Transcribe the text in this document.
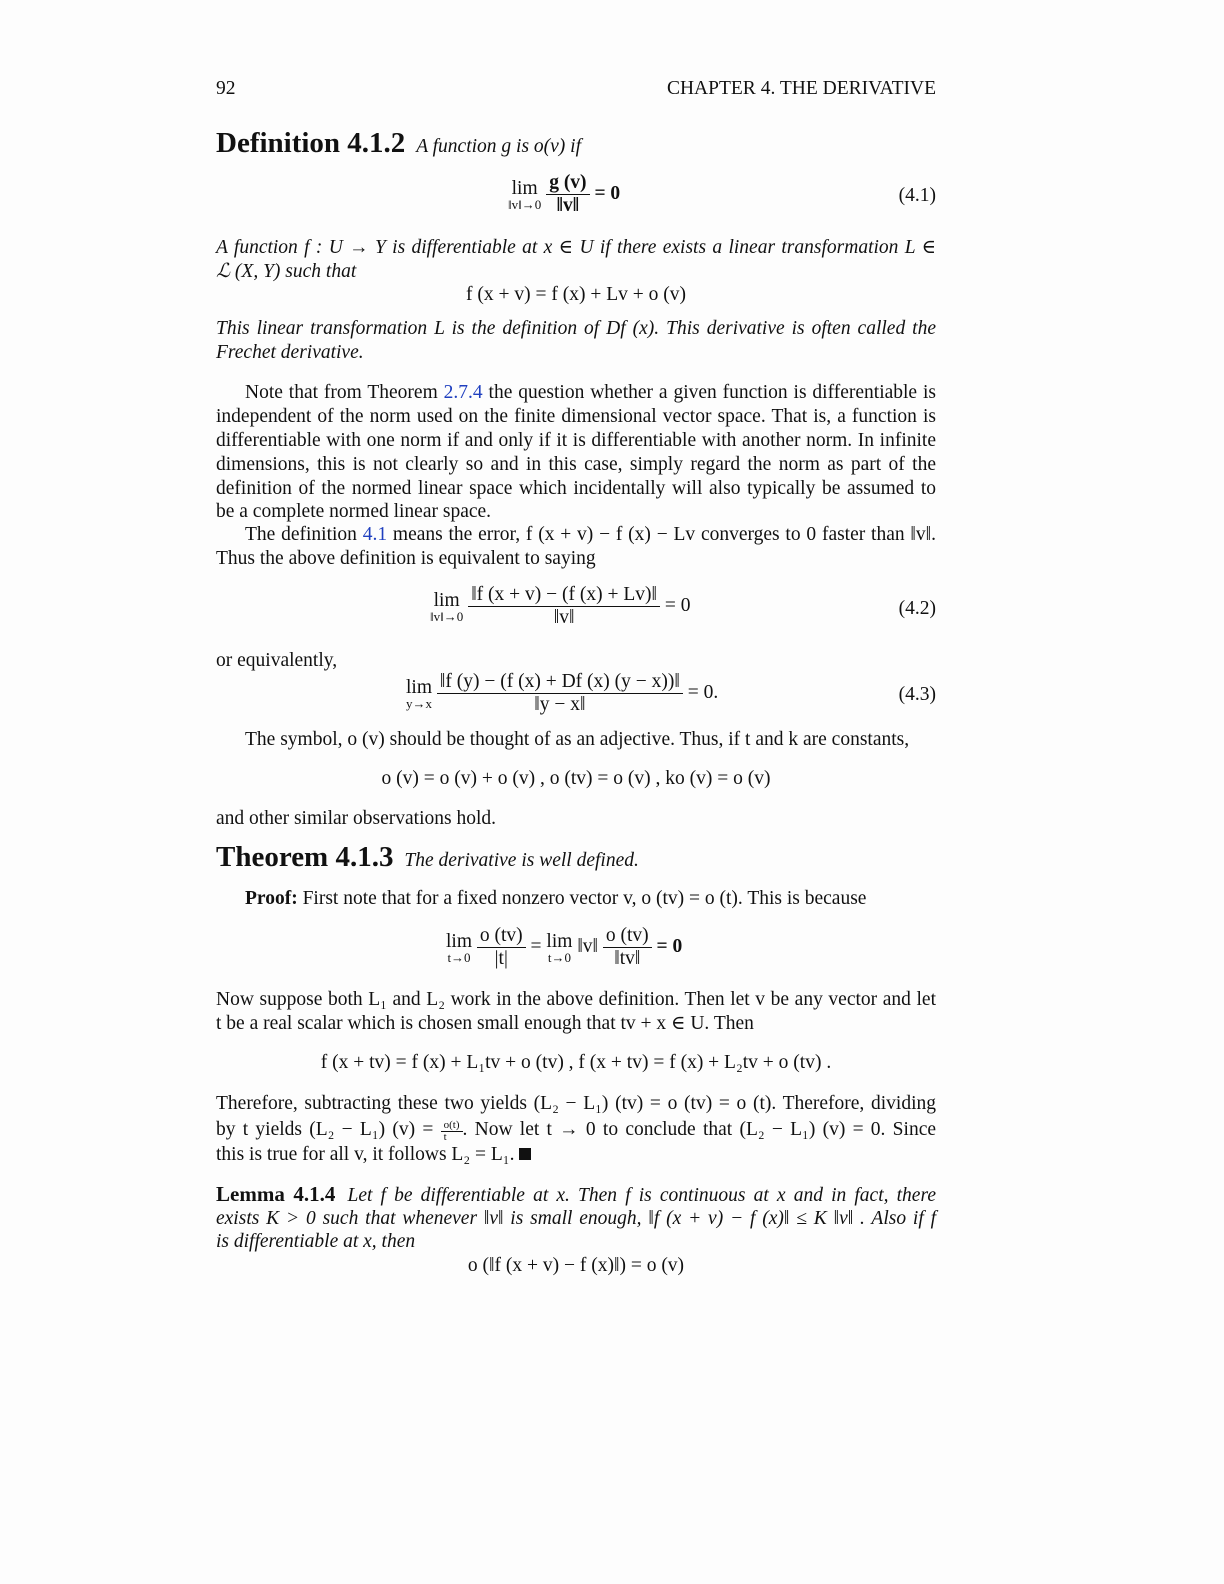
92	CHAPTER 4. THE DERIVATIVE
Definition 4.1.2 A function g is o(v) if
lim
‖v‖→0
$\frac{g (v)}{‖v‖} = 0$	(4.1)
A function f : U → Y is differentiable at x ∈ U if there exists a linear transformation L ∈
ℒ (X, Y) such that
f (x + v) = f (x) + Lv + o (v)
This linear transformation L is the definition of Df (x). This derivative is often called the
Frechet derivative.
Note that from Theorem 2.7.4 the question whether a given function is differentiable is
independent of the norm used on the finite dimensional vector space. That is, a function is
differentiable with one norm if and only if it is differentiable with another norm. In infinite
dimensions, this is not clearly so and in this case, simply regard the norm as part of the
definition of the normed linear space which incidentally will also typically be assumed to
be a complete normed linear space.
The definition 4.1 means the error, f (x + v) − f (x) − Lv converges to 0 faster than ‖v‖.
Thus the above definition is equivalent to saying
lim
‖v‖→0
$\frac{‖f (x + v) - (f (x) + Lv)‖}{‖v‖} = 0$	(4.2)
or equivalently,
lim
y→x
$\frac{‖f (y) - (f (x) + Df (x) (y - x))‖}{‖y - x‖} = 0$.	(4.3)
The symbol, o (v) should be thought of as an adjective. Thus, if t and k are constants,
o (v) = o (v) + o (v) , o (tv) = o (v) , ko (v) = o (v)
and other similar observations hold.
Theorem 4.1.3 The derivative is well defined.
Proof: First note that for a fixed nonzero vector v, o (tv) = o (t). This is because
lim
t→0
$\frac{o (tv)}{|t|} = \lim$
t→0
‖v‖ $\frac{o (tv)}{‖tv‖} = 0$
Now suppose both L₁ and L₂ work in the above definition. Then let v be any vector and let
t be a real scalar which is chosen small enough that tv + x ∈ U. Then
f (x + tv) = f (x) + L₁tv + o (tv) , f (x + tv) = f (x) + L₂tv + o (tv) .
Therefore, subtracting these two yields (L₂ − L₁) (tv) = o (tv) = o (t). Therefore, dividing
by t yields (L₂ − L₁) $(v) = \frac{o(t)}{t}$ . Now let t → 0 to conclude that (L₂ − L₁) (v) = 0. Since
this is true for all v, it follows L₂ = L₁.
Lemma 4.1.4 Let f be differentiable at x. Then f is continuous at x and in fact, there
exists K > 0 such that whenever ‖v‖ is small enough, ‖f (x + v) − f (x)‖ ≤ K ‖v‖ . Also if f
is differentiable at x, then
o (‖f (x + v) − f (x)‖) = o (v)
